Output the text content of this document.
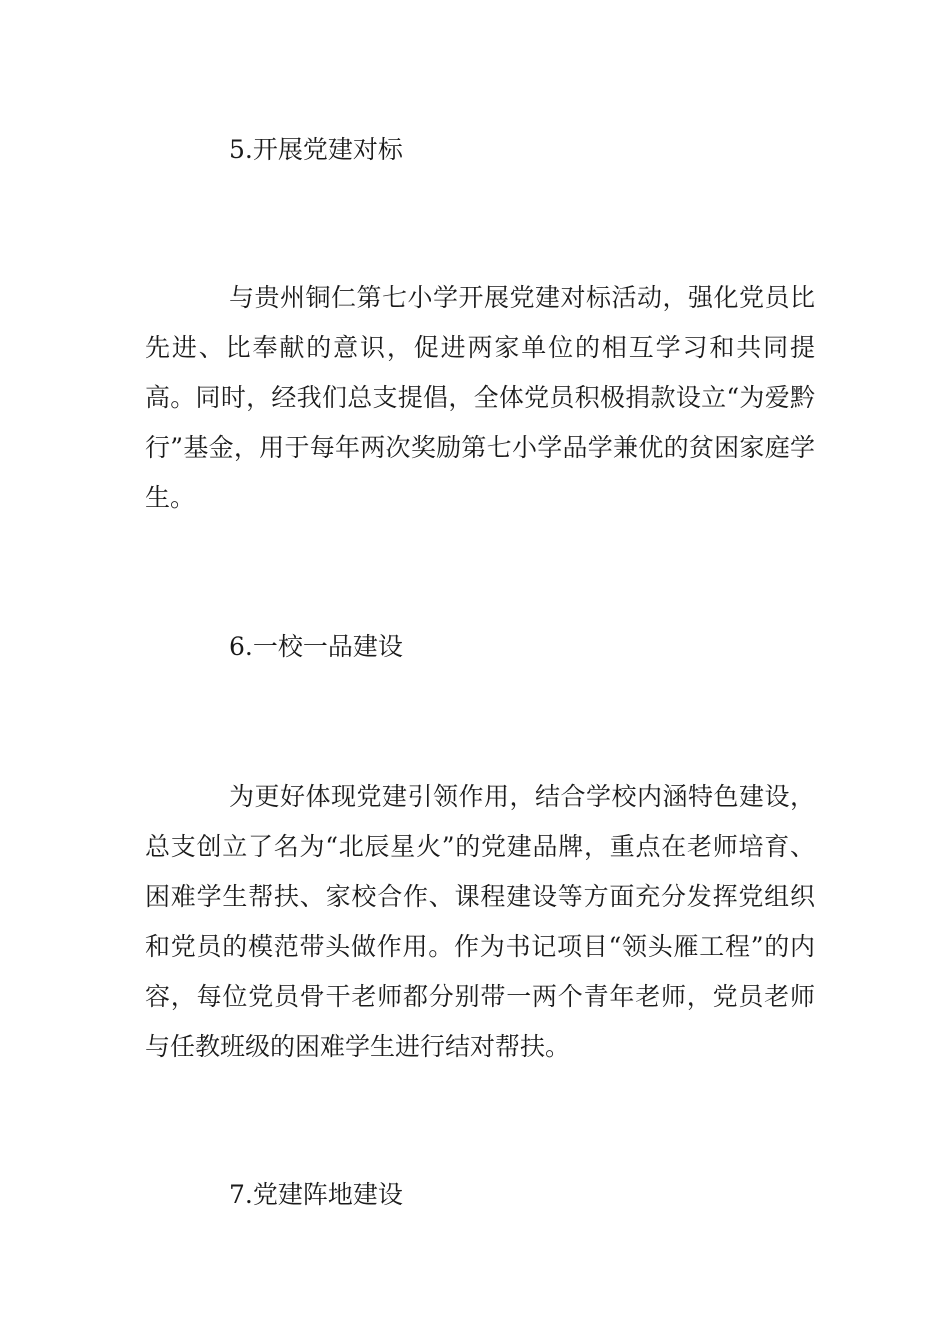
5.开展党建对标

与贵州铜仁第七小学开展党建对标活动，强化党员比先进、比奉献的意识，促进两家单位的相互学习和共同提高。同时，经我们总支提倡，全体党员积极捐款设立“为爱黔行”基金，用于每年两次奖励第七小学品学兼优的贫困家庭学生。

6.一校一品建设

为更好体现党建引领作用，结合学校内涵特色建设，总支创立了名为“北辰星火”的党建品牌，重点在老师培育、困难学生帮扶、家校合作、课程建设等方面充分发挥党组织和党员的模范带头做作用。作为书记项目“领头雁工程”的内容，每位党员骨干老师都分别带一两个青年老师，党员老师与任教班级的困难学生进行结对帮扶。

7.党建阵地建设
